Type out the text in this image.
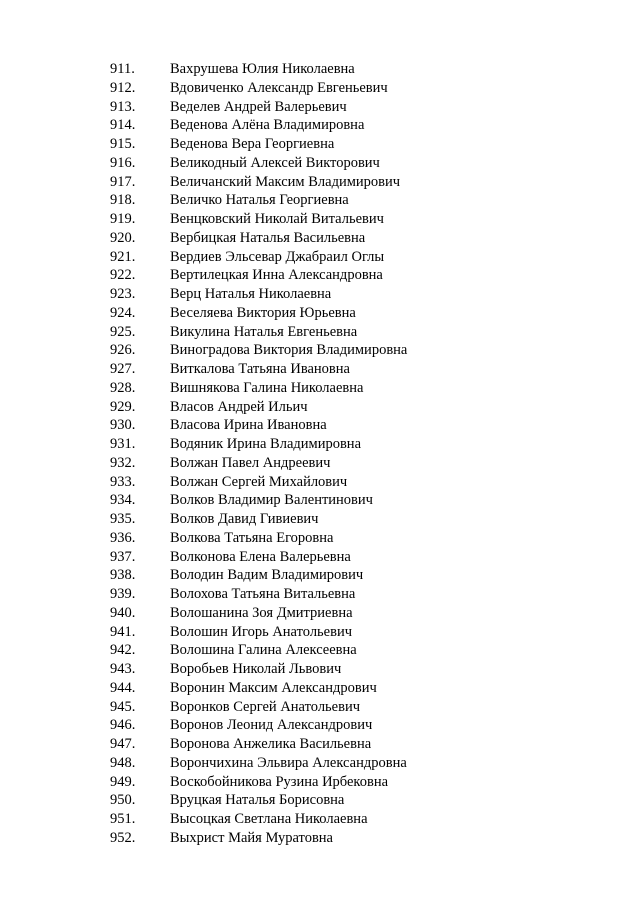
911.	Вахрушева Юлия Николаевна
912.	Вдовиченко Александр Евгеньевич
913.	Веделев Андрей Валерьевич
914.	Веденова Алёна Владимировна
915.	Веденова Вера Георгиевна
916.	Великодный Алексей Викторович
917.	Величанский Максим Владимирович
918.	Величко Наталья Георгиевна
919.	Венцковский Николай Витальевич
920.	Вербицкая Наталья Васильевна
921.	Вердиев Эльсевар Джабраил Оглы
922.	Вертилецкая Инна Александровна
923.	Верц Наталья Николаевна
924.	Веселяева Виктория Юрьевна
925.	Викулина Наталья Евгеньевна
926.	Виноградова Виктория Владимировна
927.	Виткалова Татьяна Ивановна
928.	Вишнякова Галина Николаевна
929.	Власов Андрей Ильич
930.	Власова Ирина Ивановна
931.	Водяник Ирина Владимировна
932.	Волжан Павел Андреевич
933.	Волжан Сергей Михайлович
934.	Волков Владимир Валентинович
935.	Волков Давид Гивиевич
936.	Волкова Татьяна Егоровна
937.	Волконова Елена Валерьевна
938.	Володин Вадим Владимирович
939.	Волохова Татьяна Витальевна
940.	Волошанина Зоя Дмитриевна
941.	Волошин Игорь Анатольевич
942.	Волошина Галина Алексеевна
943.	Воробьев Николай Львович
944.	Воронин Максим Александрович
945.	Воронков Сергей Анатольевич
946.	Воронов Леонид Александрович
947.	Воронова Анжелика Васильевна
948.	Ворончихина Эльвира Александровна
949.	Воскобойникова Рузина Ирбековна
950.	Вруцкая Наталья Борисовна
951.	Высоцкая Светлана Николаевна
952.	Выхрист Майя Муратовна
